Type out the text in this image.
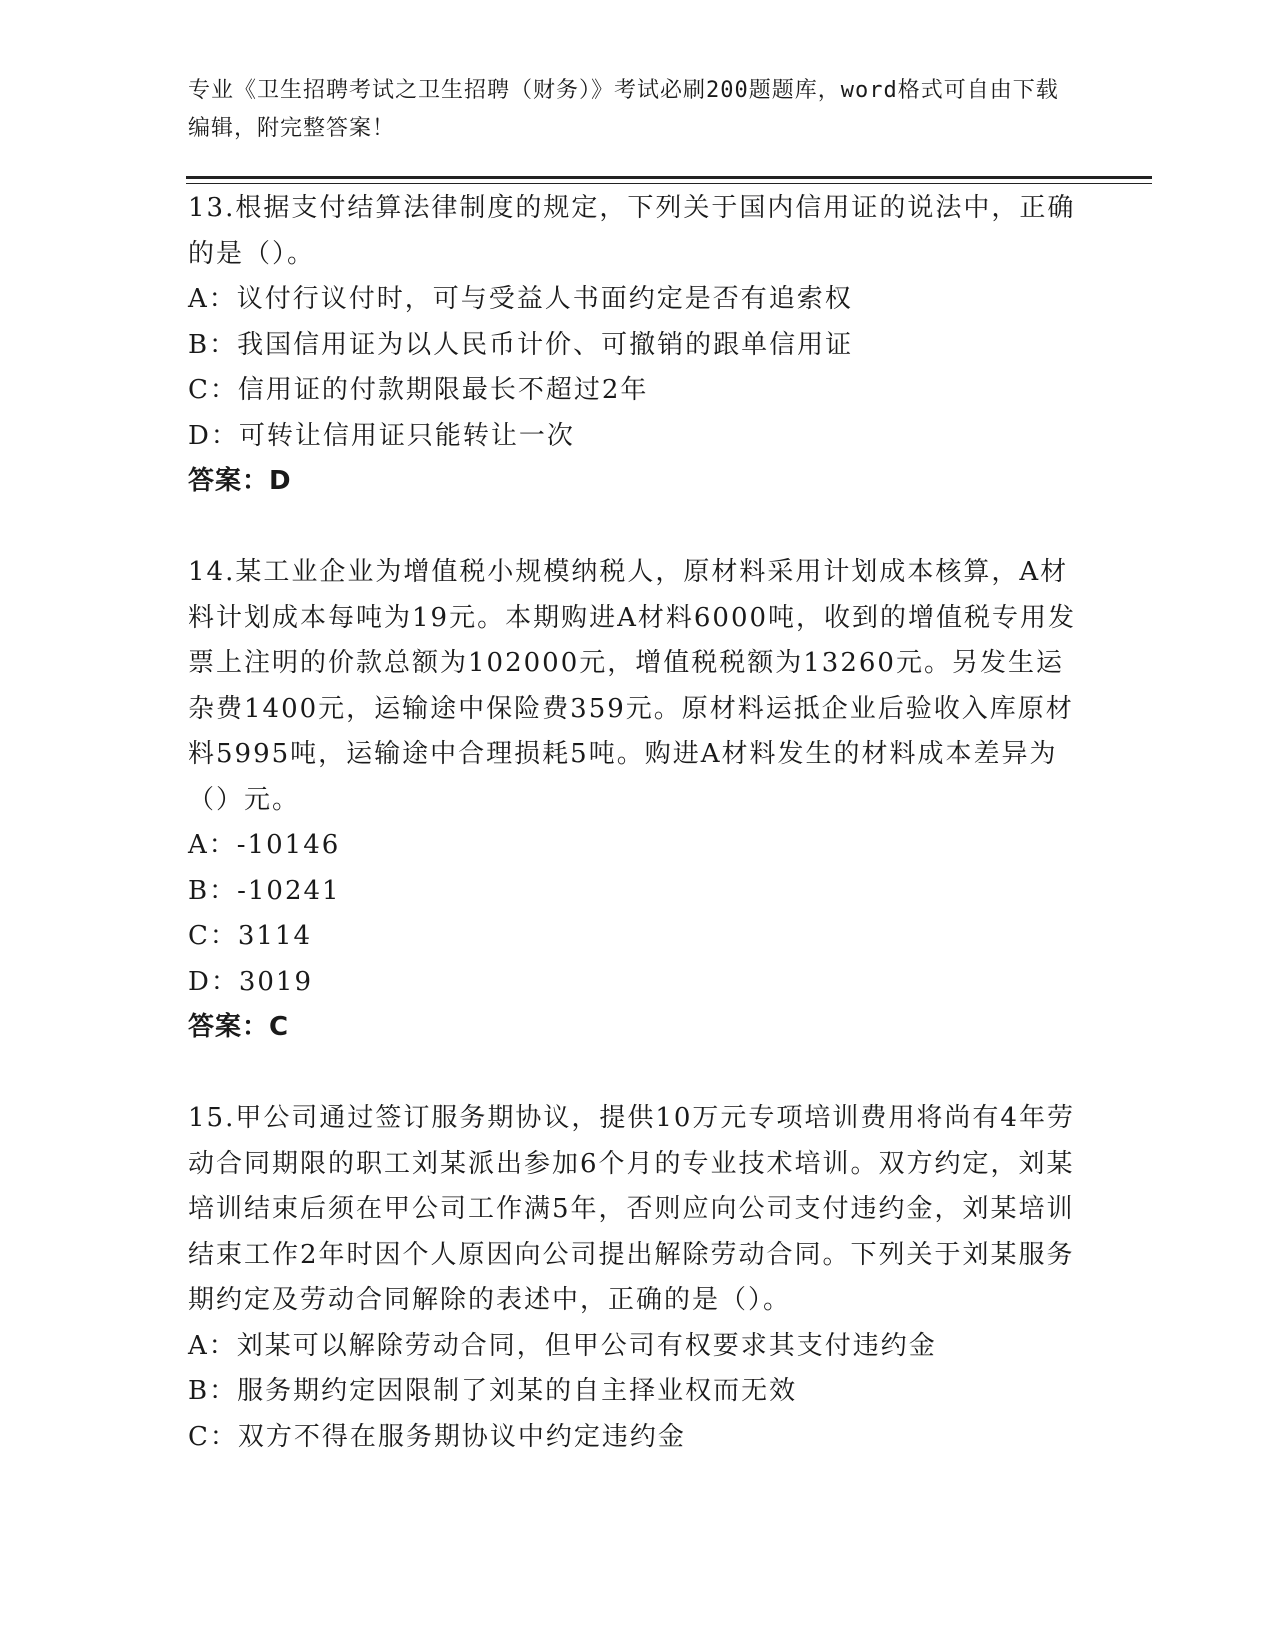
专业《卫生招聘考试之卫生招聘（财务）》考试必刷200题题库，word格式可自由下载编辑，附完整答案！

13.根据支付结算法律制度的规定，下列关于国内信用证的说法中，正确的是（）。

A：议付行议付时，可与受益人书面约定是否有追索权

B：我国信用证为以人民币计价、可撤销的跟单信用证

C：信用证的付款期限最长不超过2年

D：可转让信用证只能转让一次

答案：D

14.某工业企业为增值税小规模纳税人，原材料采用计划成本核算，A材料计划成本每吨为19元。本期购进A材料6000吨，收到的增值税专用发票上注明的价款总额为102000元，增值税税额为13260元。另发生运杂费1400元，运输途中保险费359元。原材料运抵企业后验收入库原材料5995吨，运输途中合理损耗5吨。购进A材料发生的材料成本差异为（）元。

A：-10146

B：-10241

C：3114

D：3019

答案：C

15.甲公司通过签订服务期协议，提供10万元专项培训费用将尚有4年劳动合同期限的职工刘某派出参加6个月的专业技术培训。双方约定，刘某培训结束后须在甲公司工作满5年，否则应向公司支付违约金，刘某培训结束工作2年时因个人原因向公司提出解除劳动合同。下列关于刘某服务期约定及劳动合同解除的表述中，正确的是（）。

A：刘某可以解除劳动合同，但甲公司有权要求其支付违约金

B：服务期约定因限制了刘某的自主择业权而无效

C：双方不得在服务期协议中约定违约金
